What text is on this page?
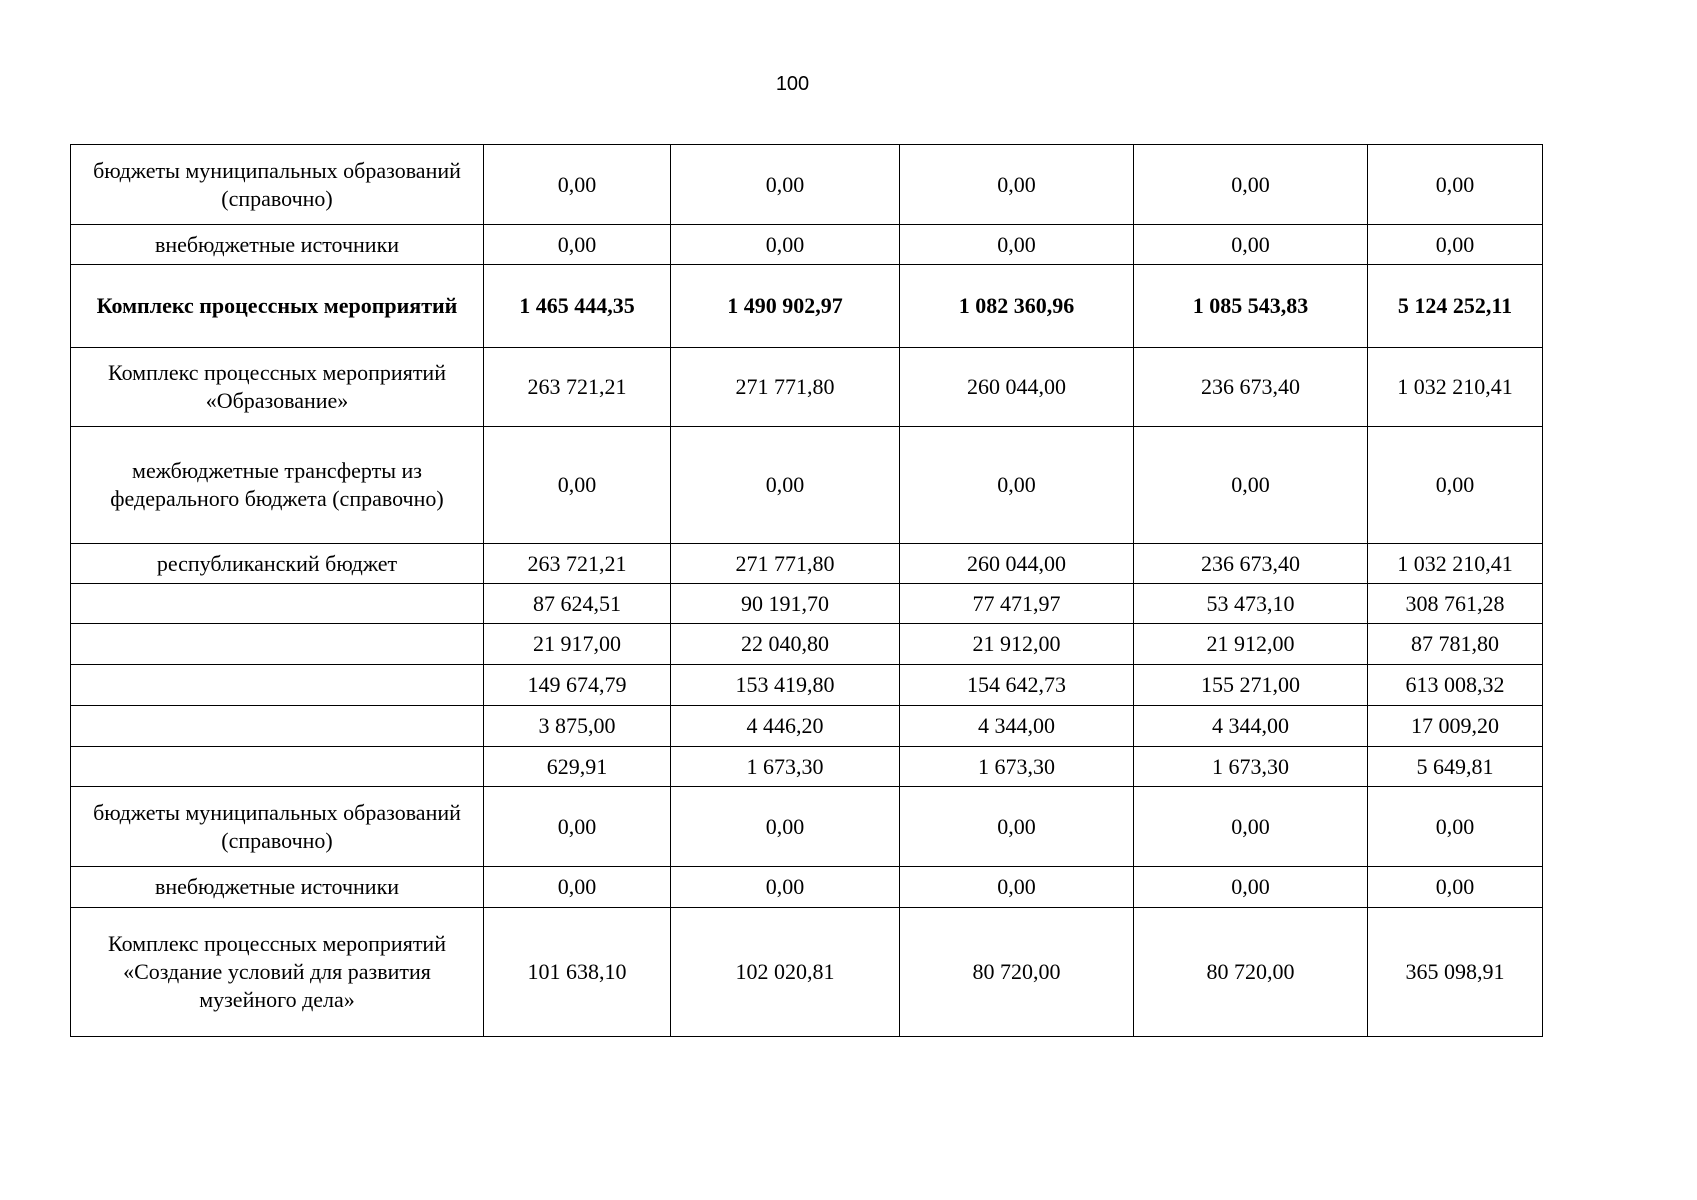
100
бюджеты муниципальных образований (справочно)	0,00	0,00	0,00	0,00	0,00
внебюджетные источники	0,00	0,00	0,00	0,00	0,00
Комплекс процессных мероприятий	1 465 444,35	1 490 902,97	1 082 360,96	1 085 543,83	5 124 252,11
Комплекс процессных мероприятий «Образование»	263 721,21	271 771,80	260 044,00	236 673,40	1 032 210,41
межбюджетные трансферты из федерального бюджета (справочно)	0,00	0,00	0,00	0,00	0,00
республиканский бюджет	263 721,21	271 771,80	260 044,00	236 673,40	1 032 210,41
	87 624,51	90 191,70	77 471,97	53 473,10	308 761,28
	21 917,00	22 040,80	21 912,00	21 912,00	87 781,80
	149 674,79	153 419,80	154 642,73	155 271,00	613 008,32
	3 875,00	4 446,20	4 344,00	4 344,00	17 009,20
	629,91	1 673,30	1 673,30	1 673,30	5 649,81
бюджеты муниципальных образований (справочно)	0,00	0,00	0,00	0,00	0,00
внебюджетные источники	0,00	0,00	0,00	0,00	0,00
Комплекс процессных мероприятий «Создание условий для развития музейного дела»	101 638,10	102 020,81	80 720,00	80 720,00	365 098,91
